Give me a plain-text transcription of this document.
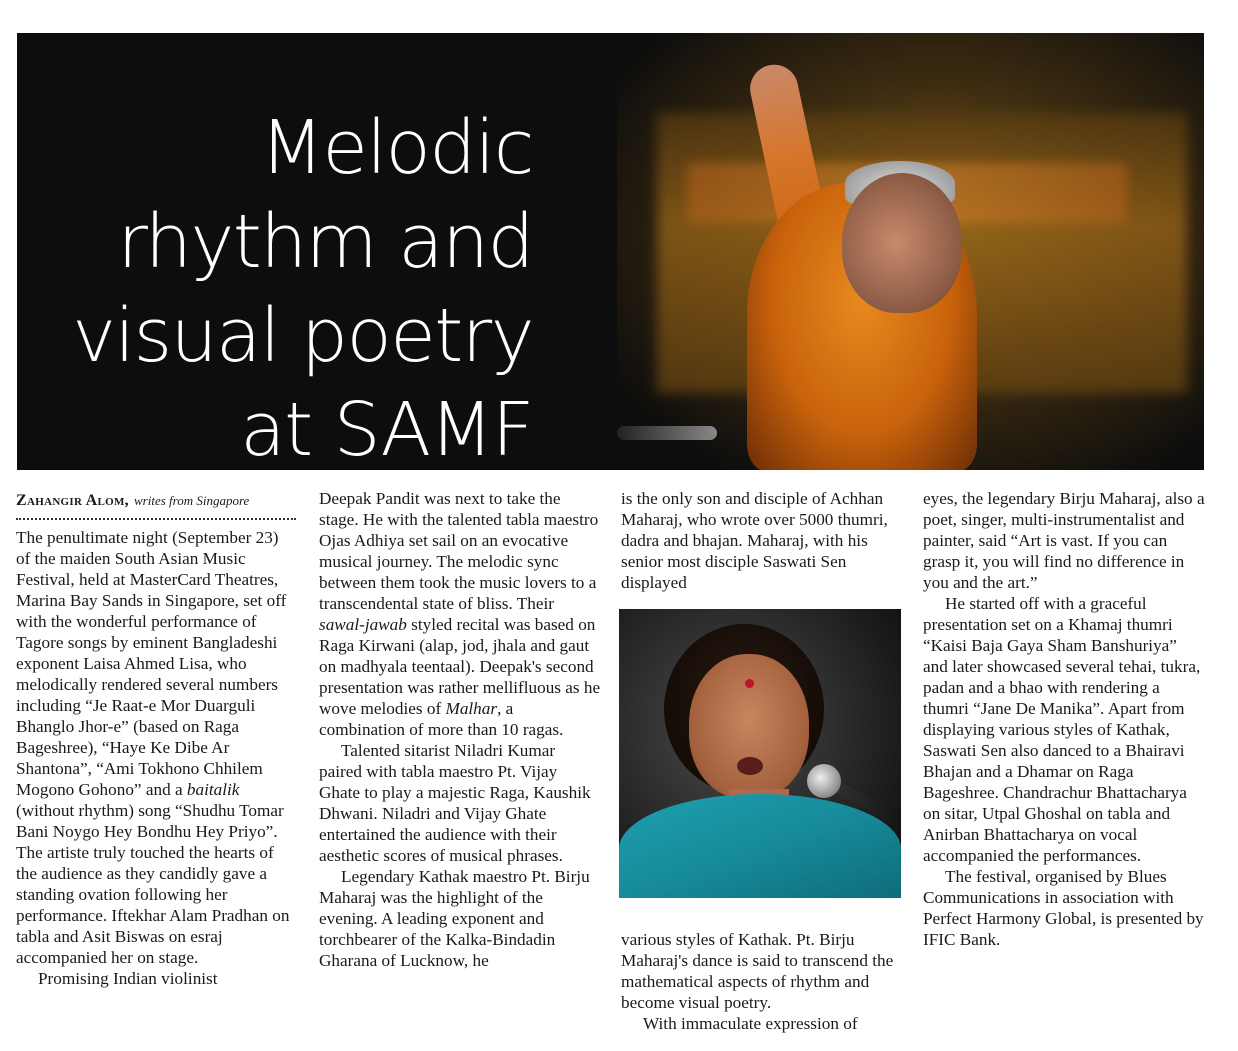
Melodic
rhythm and
visual poetry
at SAMF
Zahangir Alom, writes from Singapore

The penultimate night (September 23) of the maiden South Asian Music Festival, held at MasterCard Theatres, Marina Bay Sands in Singapore, set off with the wonderful performance of Tagore songs by eminent Bangladeshi exponent Laisa Ahmed Lisa, who melodically rendered several numbers including “Je Raat-e Mor Duarguli Bhanglo Jhor-e” (based on Raga Bageshree), “Haye Ke Dibe Ar Shantona”, “Ami Tokhono Chhilem Mogono Gohono” and a baitalik (without rhythm) song “Shudhu Tomar Bani Noygo Hey Bondhu Hey Priyo”. The artiste truly touched the hearts of the audience as they candidly gave a standing ovation following her performance. Iftekhar Alam Pradhan on tabla and Asit Biswas on esraj accompanied her on stage.

Promising Indian violinist

Deepak Pandit was next to take the stage. He with the talented tabla maestro Ojas Adhiya set sail on an evocative musical journey. The melodic sync between them took the music lovers to a transcendental state of bliss. Their sawal-jawab styled recital was based on Raga Kirwani (alap, jod, jhala and gaut on madhyala teentaal). Deepak's second presentation was rather mellifluous as he wove melodies of Malhar, a combination of more than 10 ragas.

Talented sitarist Niladri Kumar paired with tabla maestro Pt. Vijay Ghate to play a majestic Raga, Kaushik Dhwani. Niladri and Vijay Ghate entertained the audience with their aesthetic scores of musical phrases.

Legendary Kathak maestro Pt. Birju Maharaj was the highlight of the evening. A leading exponent and torchbearer of the Kalka-Bindadin Gharana of Lucknow, he

is the only son and disciple of Achhan Maharaj, who wrote over 5000 thumri, dadra and bhajan. Maharaj, with his senior most disciple Saswati Sen displayed

various styles of Kathak. Pt. Birju Maharaj's dance is said to transcend the mathematical aspects of rhythm and become visual poetry.

With immaculate expression of

eyes, the legendary Birju Maharaj, also a poet, singer, multi-instrumentalist and painter, said “Art is vast. If you can grasp it, you will find no difference in you and the art.”

He started off with a graceful presentation set on a Khamaj thumri “Kaisi Baja Gaya Sham Banshuriya” and later showcased several tehai, tukra, padan and a bhao with rendering a thumri “Jane De Manika”. Apart from displaying various styles of Kathak, Saswati Sen also danced to a Bhairavi Bhajan and a Dhamar on Raga Bageshree. Chandrachur Bhattacharya on sitar, Utpal Ghoshal on tabla and Anirban Bhattacharya on vocal accompanied the performances.

The festival, organised by Blues Communications in association with Perfect Harmony Global, is presented by IFIC Bank.
